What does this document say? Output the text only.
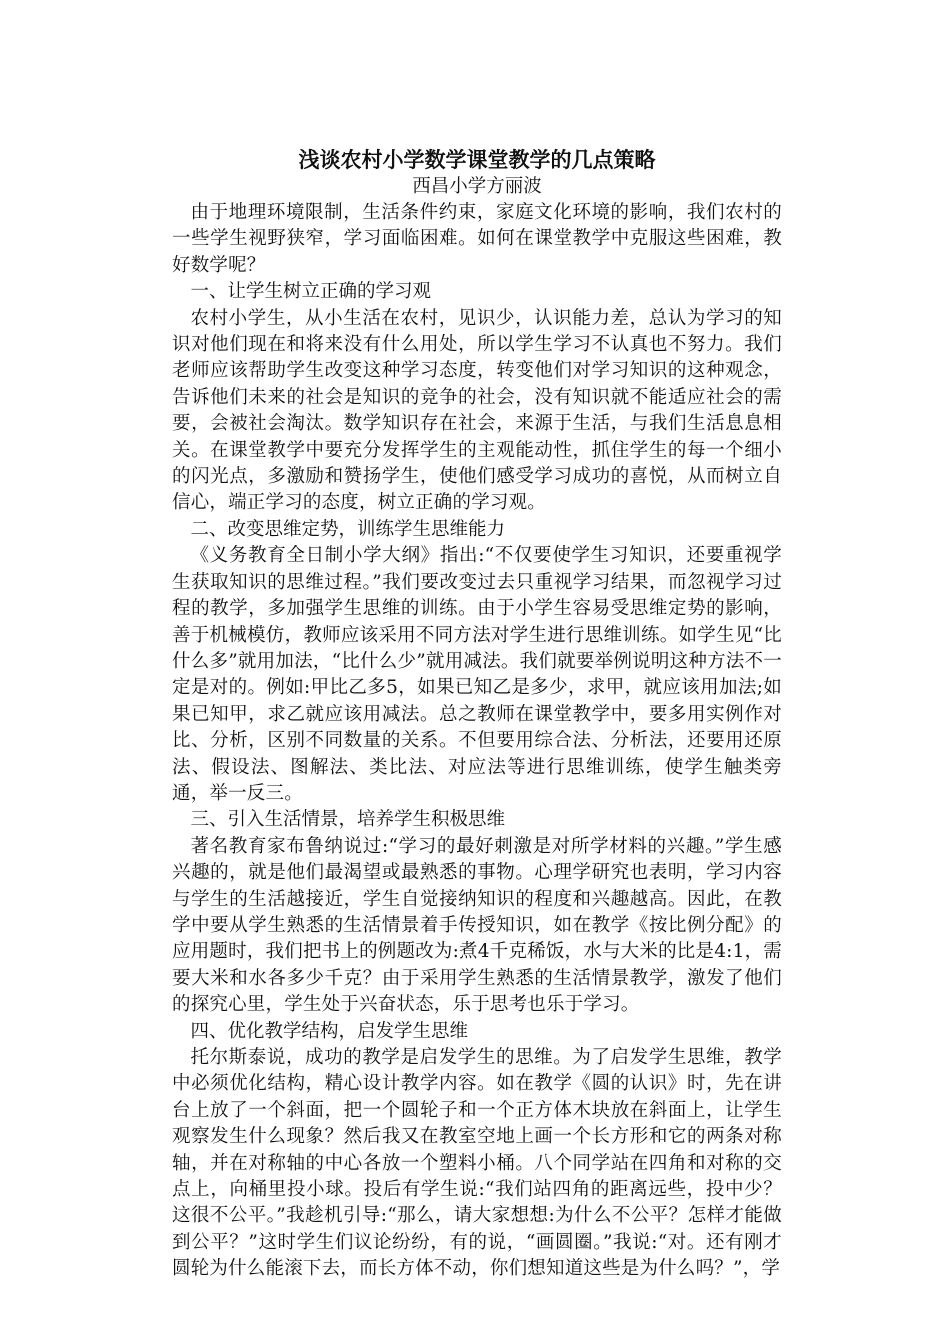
浅谈农村小学数学课堂教学的几点策略

西昌小学方丽波

由于地理环境限制，生活条件约束，家庭文化环境的影响，我们农村的一些学生视野狭窄，学习面临困难。如何在课堂教学中克服这些困难，教好数学呢？

一、让学生树立正确的学习观

农村小学生，从小生活在农村，见识少，认识能力差，总认为学习的知识对他们现在和将来没有什么用处，所以学生学习不认真也不努力。我们老师应该帮助学生改变这种学习态度，转变他们对学习知识的这种观念，告诉他们未来的社会是知识的竞争的社会，没有知识就不能适应社会的需要，会被社会淘汰。数学知识存在社会，来源于生活，与我们生活息息相关。在课堂教学中要充分发挥学生的主观能动性，抓住学生的每一个细小的闪光点，多激励和赞扬学生，使他们感受学习成功的喜悦，从而树立自信心，端正学习的态度，树立正确的学习观。

二、改变思维定势，训练学生思维能力

《义务教育全日制小学大纲》指出:“不仅要使学生习知识，还要重视学生获取知识的思维过程。”我们要改变过去只重视学习结果，而忽视学习过程的教学，多加强学生思维的训练。由于小学生容易受思维定势的影响，善于机械模仿，教师应该采用不同方法对学生进行思维训练。如学生见“比什么多”就用加法，“比什么少”就用减法。我们就要举例说明这种方法不一定是对的。例如:甲比乙多5，如果已知乙是多少，求甲，就应该用加法;如果已知甲，求乙就应该用减法。总之教师在课堂教学中，要多用实例作对比、分析，区别不同数量的关系。不但要用综合法、分析法，还要用还原法、假设法、图解法、类比法、对应法等进行思维训练，使学生触类旁通，举一反三。

三、引入生活情景，培养学生积极思维

著名教育家布鲁纳说过:“学习的最好刺激是对所学材料的兴趣。”学生感兴趣的，就是他们最渴望或最熟悉的事物。心理学研究也表明，学习内容与学生的生活越接近，学生自觉接纳知识的程度和兴趣越高。因此，在教学中要从学生熟悉的生活情景着手传授知识，如在教学《按比例分配》的应用题时，我们把书上的例题改为:煮4千克稀饭，水与大米的比是4:1，需要大米和水各多少千克？由于采用学生熟悉的生活情景教学，激发了他们的探究心里，学生处于兴奋状态，乐于思考也乐于学习。

四、优化教学结构，启发学生思维

托尔斯泰说，成功的教学是启发学生的思维。为了启发学生思维，教学中必须优化结构，精心设计教学内容。如在教学《圆的认识》时，先在讲台上放了一个斜面，把一个圆轮子和一个正方体木块放在斜面上，让学生观察发生什么现象？然后我又在教室空地上画一个长方形和它的两条对称轴，并在对称轴的中心各放一个塑料小桶。八个同学站在四角和对称的交点上，向桶里投小球。投后有学生说:“我们站四角的距离远些，投中少？这很不公平。”我趁机引导:“那么，请大家想想:为什么不公平？怎样才能做到公平？”这时学生们议论纷纷，有的说，“画圆圈。”我说:“对。还有刚才圆轮为什么能滚下去，而长方体不动，你们想知道这些是为什么吗？”，学
